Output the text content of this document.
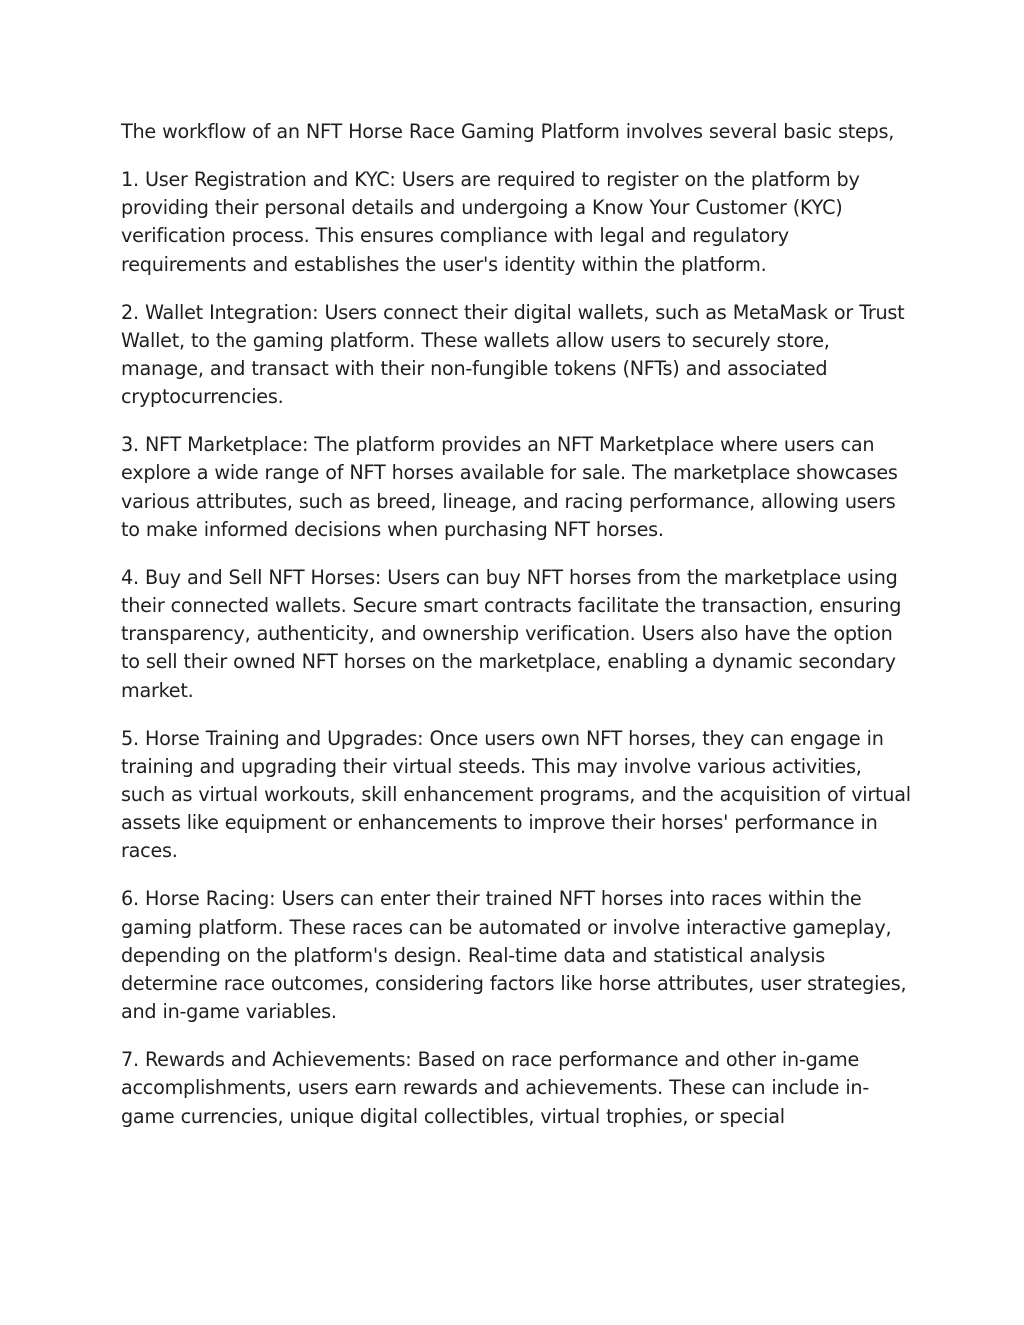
The workflow of an NFT Horse Race Gaming Platform involves several basic steps,

1. User Registration and KYC: Users are required to register on the platform by providing their personal details and undergoing a Know Your Customer (KYC) verification process. This ensures compliance with legal and regulatory requirements and establishes the user's identity within the platform.

2. Wallet Integration: Users connect their digital wallets, such as MetaMask or Trust Wallet, to the gaming platform. These wallets allow users to securely store, manage, and transact with their non-fungible tokens (NFTs) and associated cryptocurrencies.

3. NFT Marketplace: The platform provides an NFT Marketplace where users can explore a wide range of NFT horses available for sale. The marketplace showcases various attributes, such as breed, lineage, and racing performance, allowing users to make informed decisions when purchasing NFT horses.

4. Buy and Sell NFT Horses: Users can buy NFT horses from the marketplace using their connected wallets. Secure smart contracts facilitate the transaction, ensuring transparency, authenticity, and ownership verification. Users also have the option to sell their owned NFT horses on the marketplace, enabling a dynamic secondary market.

5. Horse Training and Upgrades: Once users own NFT horses, they can engage in training and upgrading their virtual steeds. This may involve various activities, such as virtual workouts, skill enhancement programs, and the acquisition of virtual assets like equipment or enhancements to improve their horses' performance in races.

6. Horse Racing: Users can enter their trained NFT horses into races within the gaming platform. These races can be automated or involve interactive gameplay, depending on the platform's design. Real-time data and statistical analysis determine race outcomes, considering factors like horse attributes, user strategies, and in-game variables.

7. Rewards and Achievements: Based on race performance and other in-game accomplishments, users earn rewards and achievements. These can include in-game currencies, unique digital collectibles, virtual trophies, or special
